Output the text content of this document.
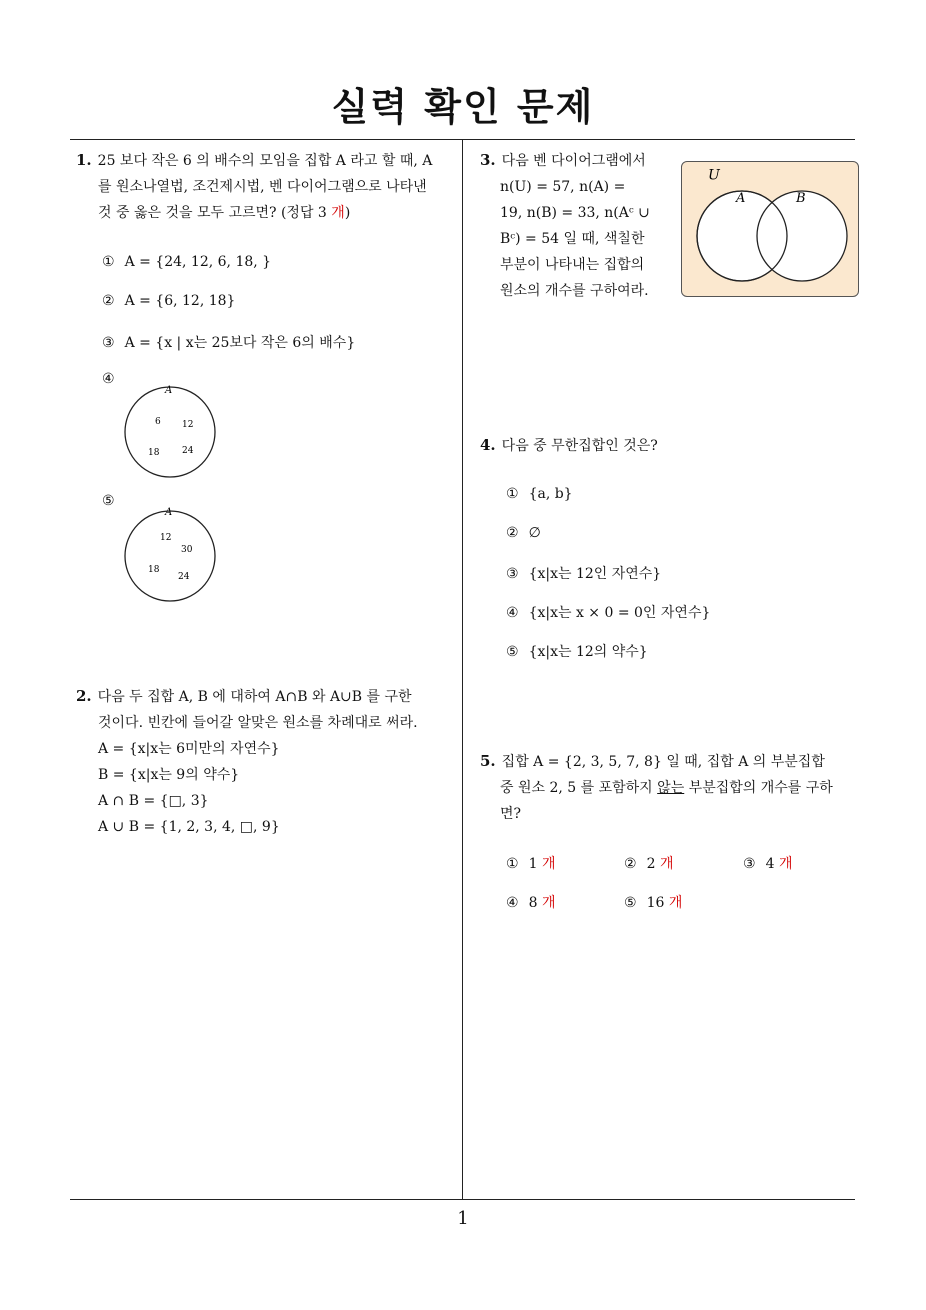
실력 확인 문제
1
1. 25 보다 작은 6 의 배수의 모임을 집합 A 라고 할 때, A
를 원소나열법, 조건제시법, 벤 다이어그램으로 나타낸
것 중 옳은 것을 모두 고르면? (정답 3 개)
① A = {24, 12, 6, 18, }
② A = {6, 12, 18}
③ A = {x | x는 25보다 작은 6의 배수}
④
A
6 12
18	24
⑤
A
12
30
18
24
2. 다음 두 집합 A, B 에 대하여 A∩B 와 A∪B 를 구한
것이다. 빈칸에 들어갈 알맞은 원소를 차례대로 써라.
A = {x|x는 6미만의 자연수}
B = {x|x는 9의 약수}
A ∩ B = {□, 3}
A ∪ B = {1, 2, 3, 4, □, 9}
3. 다음 벤 다이어그램에서
n(U) = 57, n(A) =
19, n(B) = 33, n(Aᶜ ∪
Bᶜ) = 54 일 때, 색칠한
부분이 나타내는 집합의
원소의 개수를 구하여라.
U
A	B
4. 다음 중 무한집합인 것은?
① {a, b}
② ∅
③ {x|x는 12인 자연수}
④ {x|x는 x × 0 = 0인 자연수}
⑤ {x|x는 12의 약수}
5. 집합 A = {2, 3, 5, 7, 8} 일 때, 집합 A 의 부분집합
중 원소 2, 5 를 포함하지 않는 부분집합의 개수를 구하
면?
① 1 개	② 2 개	③ 4 개
④ 8 개	⑤ 16 개
